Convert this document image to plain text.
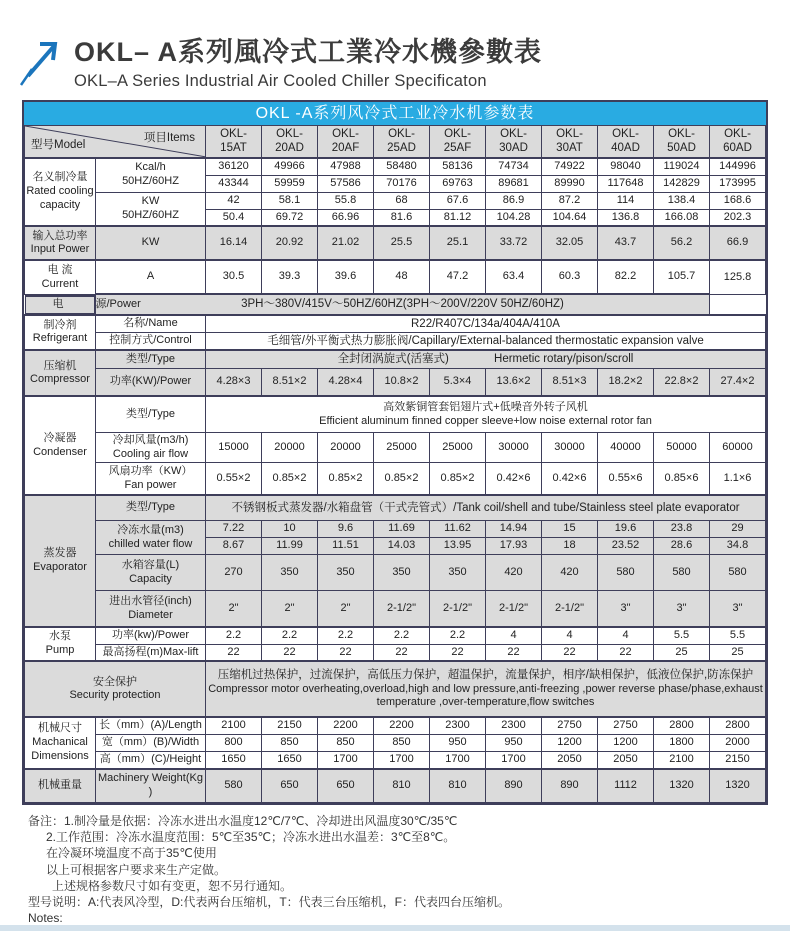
OKL– A系列風冷式工業冷水機參數表
OKL–A Series Industrial Air Cooled Chiller Specificaton
OKL -A系列风冷式工业冷水机参数表
型号Model
项目Items		OKL-15AT	OKL-20AD	OKL-20AF	OKL-25AD	OKL-25AF	OKL-30AD	OKL-30AT	OKL-40AD	OKL-50AD	OKL-60AD

名义制冷量
Rated cooling capacity

Kcal/h
50HZ/60HZ
	36120	49966	47988	58480	58136	74734	74922	98040	119024	144996
		43344	59959	57586	70176	69763	89681	89990	117648	142829	173995

	KW
50HZ/60HZ	42	58.1	55.8	68	67.6	86.9	87.2	114	138.4	168.6
		50.4	69.72	66.96	81.6	81.12	104.28	104.64	136.8	166.08	202.3

输入总功率
Input Power	KW	16.14	20.92	21.02	25.5	25.1	33.72	32.05	43.7	56.2	66.9

电 流
Current	A	30.5	39.3	39.6	48	47.2	63.4	60.3	82.2	105.7	125.8

电	源/Power	3PH～380V/415V～50HZ/60HZ(3PH～200V/220V 50HZ/60HZ)										

制冷剂
Refrigerant	名称/Name	R22/R407C/134a/404A/410A									
	控制方式/Control	毛细管/外平衡式热力膨胀阀/Capillary/External-balanced thermostatic expansion valve									

压缩机
Compressor	类型/Type	全封闭涡旋式(活塞式) Hermetic rotary/pison/scroll									
	功率(KW)/Power	4.28×3	8.51×2	4.28×4	10.8×2	5.3×4	13.6×2	8.51×3	18.2×2	22.8×2	27.4×2

冷凝器
Condenser
	类型/Type	
高效紫铜管套铝翅片式+低噪音外转子风机
Efficient aluminum finned copper sleeve+low noise external rotor fan

	冷却风量(m3/h)
Cooling air flow	15000	20000	20000	25000	25000	30000	30000	40000	50000	60000

	风扇功率（KW）
Fan power	0.55×2	0.85×2	0.85×2	0.85×2	0.85×2	0.42×6	0.42×6	0.55×6	0.85×6	1.1×6

蒸发器
Evaporator	类型/Type	不锈钢板式蒸发器/水箱盘管（干式壳管式）/Tank coil/shell and tube/Stainless steel plate evaporator									

	冷冻水量(m3)
chilled water flow	7.22	10	9.6	11.69	11.62	14.94	15	19.6	23.8	29
		8.67	11.99	11.51	14.03	13.95	17.93	18	23.52	28.6	34.8

	水箱容量(L)
Capacity	270	350	350	350	350	420	420	580	580	580

	进出水管径(inch)
Diameter	2"	2"	2"	2-1/2"	2-1/2"	2-1/2"	2-1/2"	3"	3"	3"

水泵
Pump	功率(kw)/Power	2.2	2.2	2.2	2.2	2.2	4	4	4	5.5	5.5
	最高扬程(m)Max-lift	22	22	22	22	22	22	22	22	25	25

安全保护
Security protection

压缩机过热保护，过流保护，高低压力保护，超温保护，流量保护，相序/缺相保护，低液位保护,防冻保护
Compressor motor overheating,overload,high and low pressure,anti-freezing ,power reverse phase/phase,exhaust temperature ,over-temperature,flow switches

机械尺寸
Machanical Dimensions	长（mm）(A)/Length	2100	2150	2200	2200	2300	2300	2750	2750	2800	2800
	宽（mm）(B)/Width	800	850	850	850	950	950	1200	1200	1800	2000
	高（mm）(C)/Height	1650	1650	1700	1700	1700	1700	2050	2050	2100	2150
机械重量	Machinery Weight(Kg )	580	650	650	810	810	890	890	1112	1320	1320
备注：1.制冷量是依据：冷冻水进出水温度12℃/7℃、冷却进出风温度30℃/35℃
2.工作范围：冷冻水温度范围：5℃至35℃；冷冻水进出水温差：3℃至8℃。
在冷凝环境温度不高于35℃使用
以上可根据客户要求来生产定做。
上述规格参数尺寸如有变更，恕不另行通知。
型号说明：A:代表风冷型，D:代表两台压缩机，T：代表三台压缩机，F：代表四台压缩机。
Notes:
